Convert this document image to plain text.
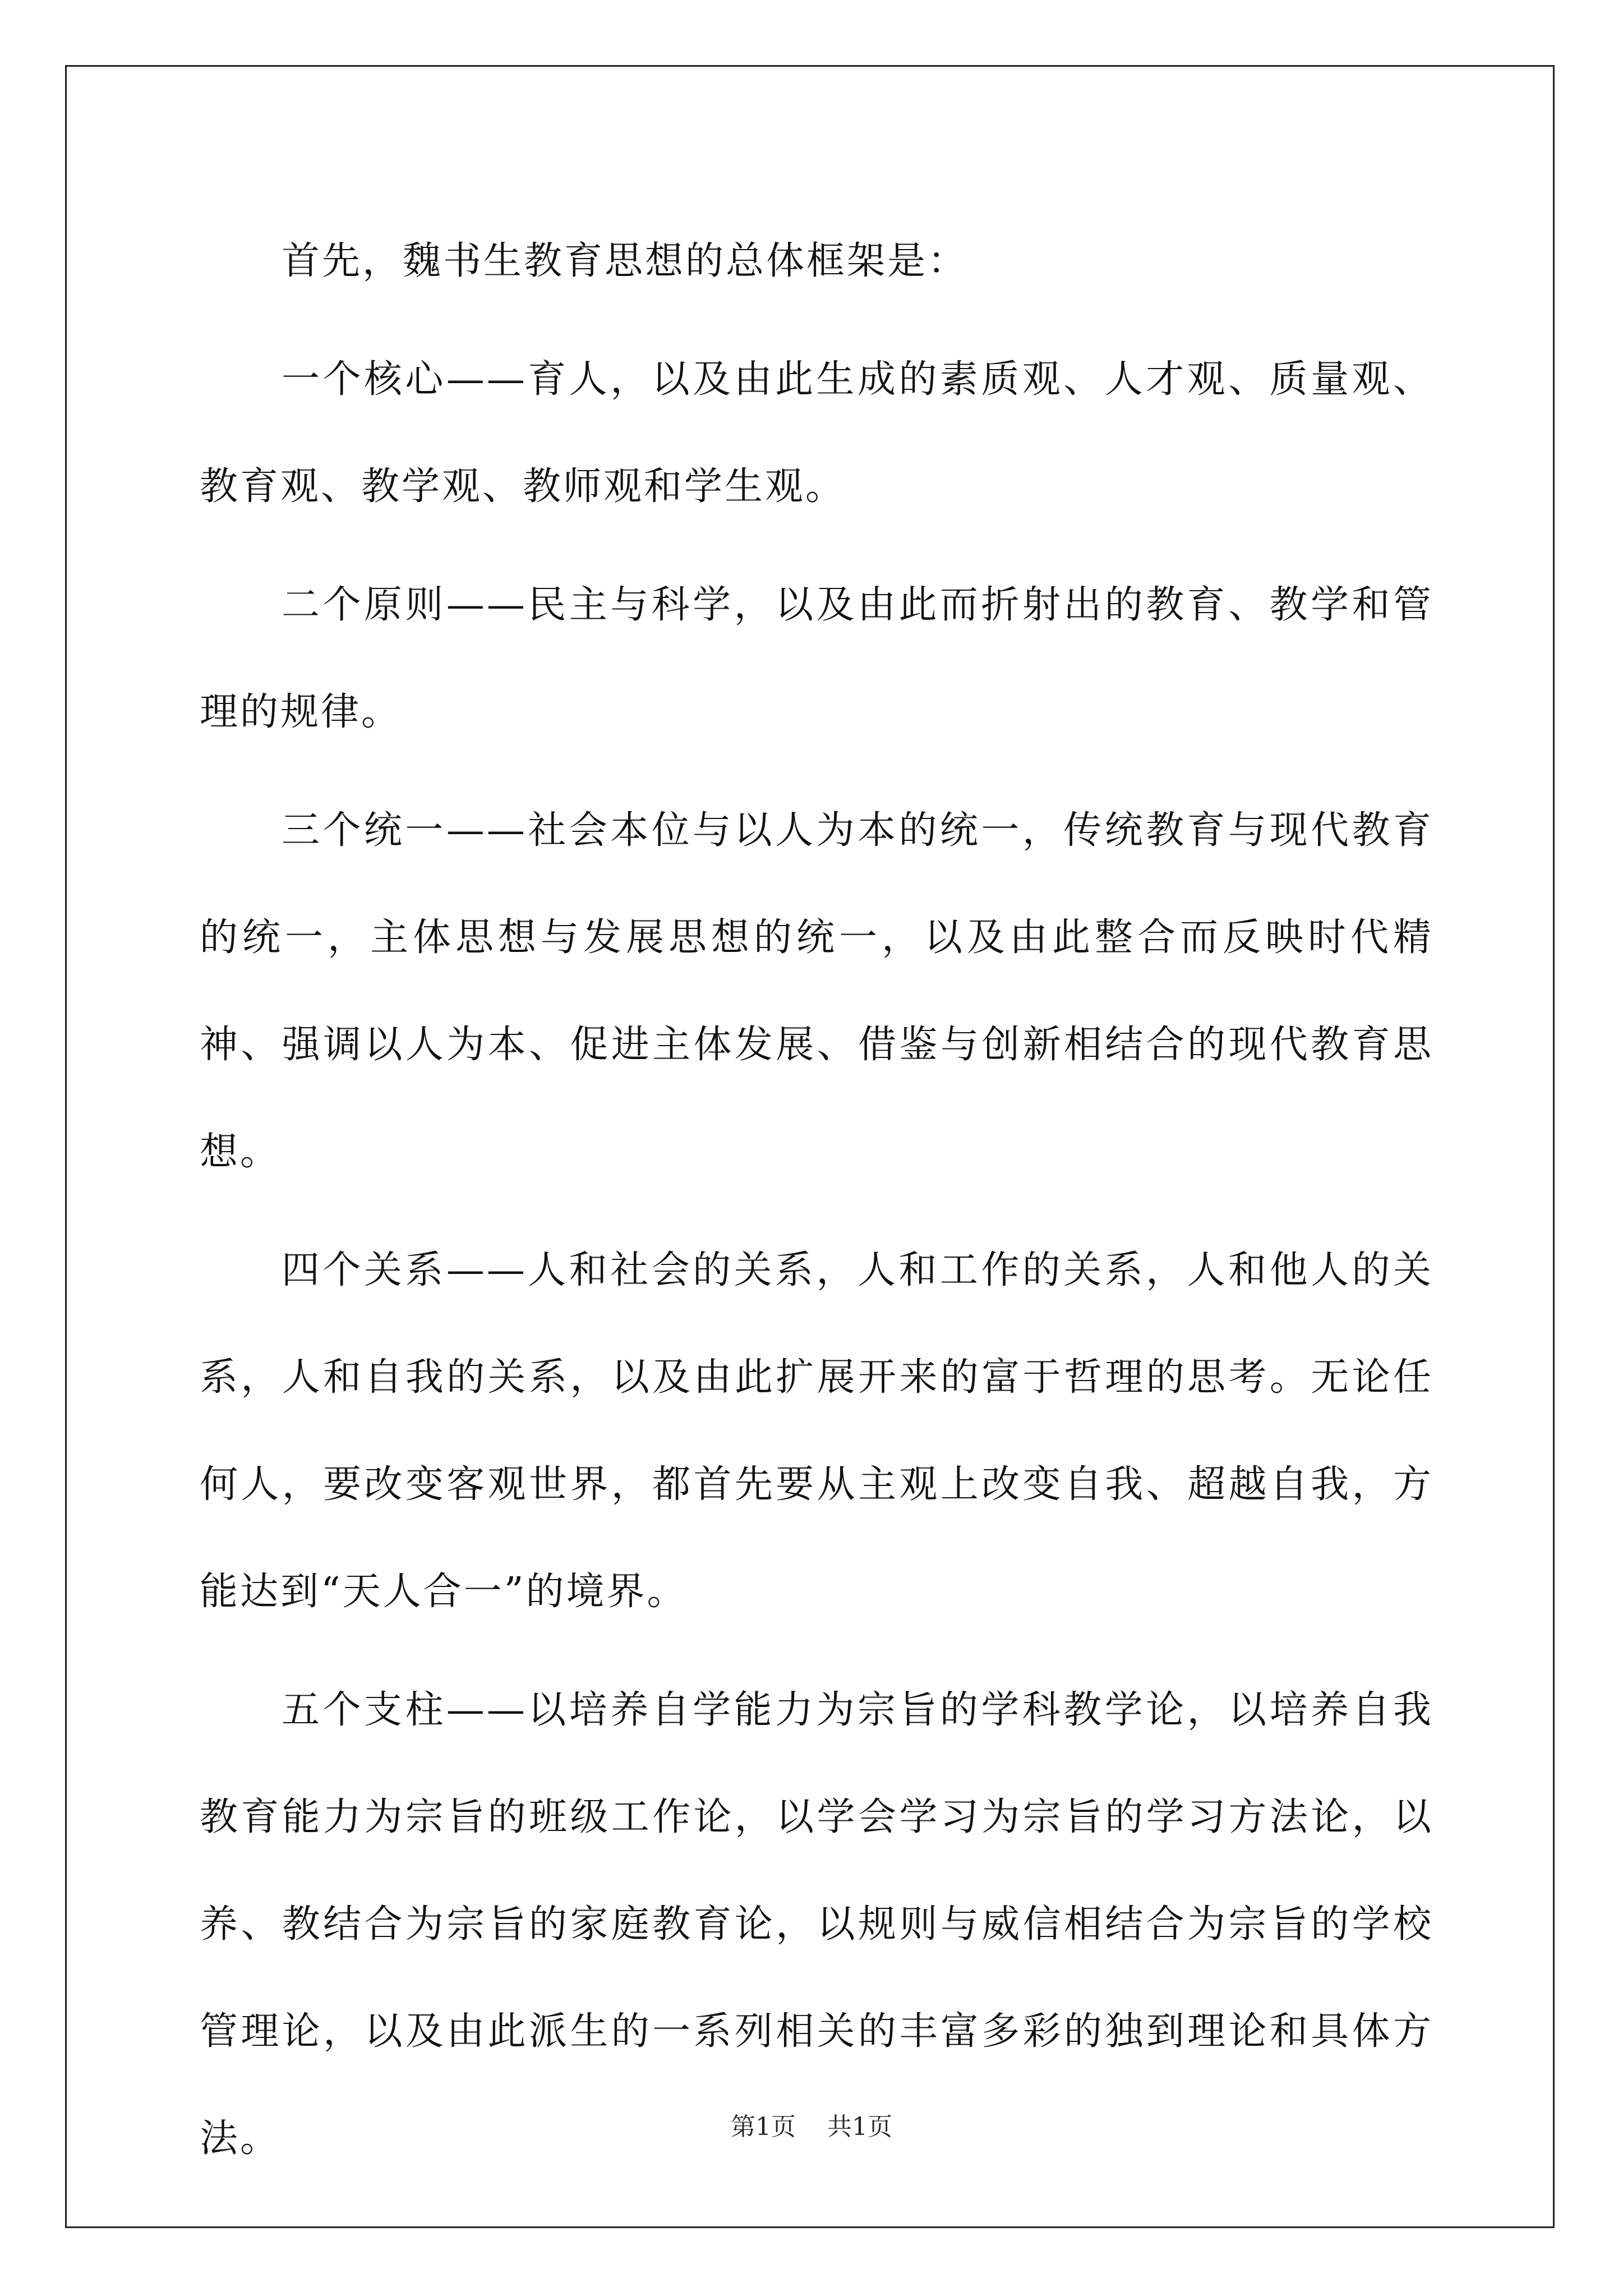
首先，魏书生教育思想的总体框架是：

一个核心——育人，以及由此生成的素质观、人才观、质量观、教育观、教学观、教师观和学生观。

二个原则——民主与科学，以及由此而折射出的教育、教学和管理的规律。

三个统一——社会本位与以人为本的统一，传统教育与现代教育的统一，主体思想与发展思想的统一，以及由此整合而反映时代精神、强调以人为本、促进主体发展、借鉴与创新相结合的现代教育思想。

四个关系——人和社会的关系，人和工作的关系，人和他人的关系，人和自我的关系，以及由此扩展开来的富于哲理的思考。无论任何人，要改变客观世界，都首先要从主观上改变自我、超越自我，方能达到“天人合一”的境界。

五个支柱——以培养自学能力为宗旨的学科教学论，以培养自我教育能力为宗旨的班级工作论，以学会学习为宗旨的学习方法论，以养、教结合为宗旨的家庭教育论，以规则与威信相结合为宗旨的学校管理论，以及由此派生的一系列相关的丰富多彩的独到理论和具体方法。	第1页 共1页
